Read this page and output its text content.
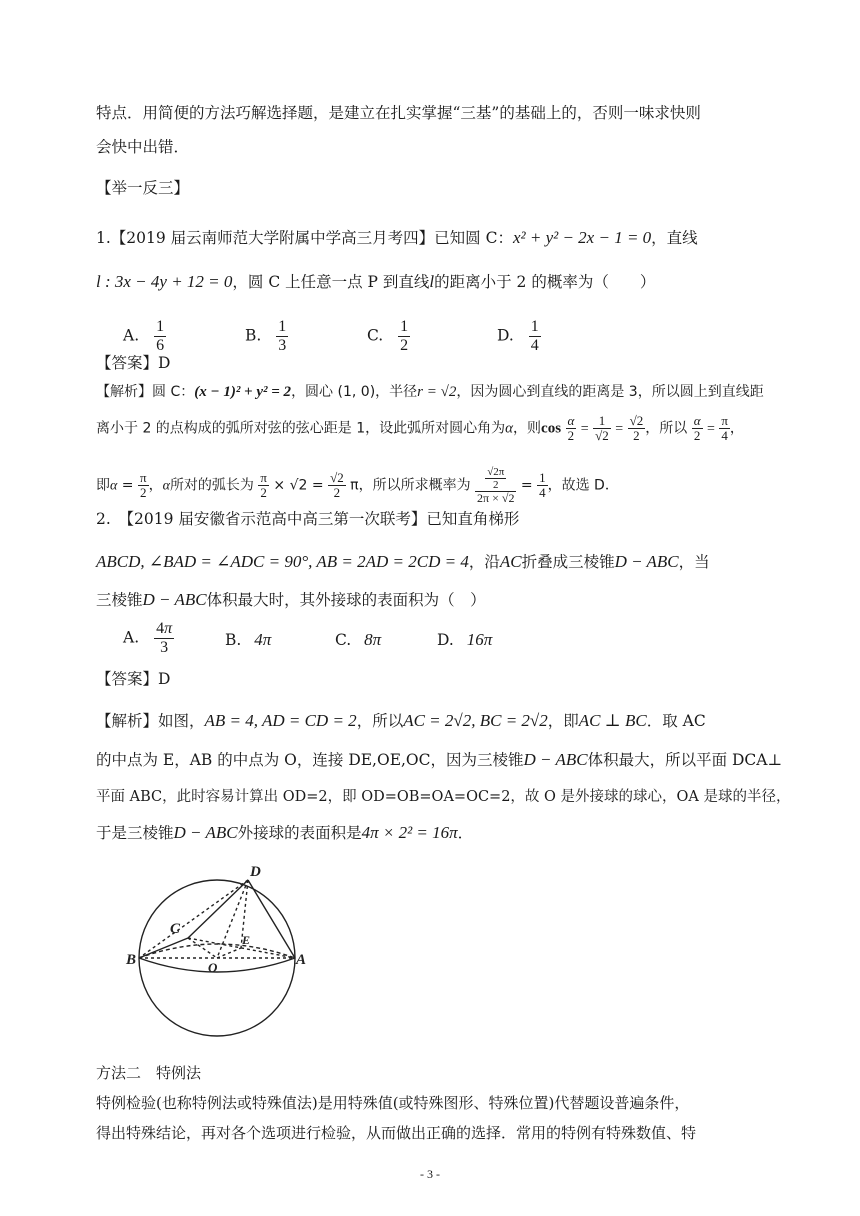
特点．用简便的方法巧解选择题，是建立在扎实掌握“三基”的基础上的，否则一味求快则
会快中出错．
【举一反三】
1.【2019 届云南师范大学附属中学高三月考四】已知圆 C：x² + y² − 2x − 1 = 0，直线
l : 3x − 4y + 12 = 0，圆 C 上任意一点 P 到直线l的距离小于 2 的概率为（　　）
A. $\frac{1}{6}$	B. $\frac{1}{3}$	C. $\frac{1}{2}$	D. $\frac{1}{4}$
【答案】D
【解析】圆 C：(x − 1)² + y² = 2，圆心 (1, 0)，半径r = √2，因为圆心到直线的距离是 3，所以圆上到直线距
离小于 2 的点构成的弧所对弦的弦心距是 1，设此弧所对圆心角为α，则$\cos \frac{\alpha}{2} = \frac{1}{√2} = \frac{√2}{2}$ ，所以 $\frac{\alpha}{2} = \frac{\pi}{4}$ ，
即$\alpha = \frac{\pi}{2}$ ，α所对的弧长为 $\frac{\pi}{2} \times √2 = \frac{√2}{2}$ π，所以所求概率为 $\frac{\frac{√2\pi}{2}}{2\pi \times √2} = \frac{1}{4}$ ，故选 D．
2.　【2019 届安徽省示范高中高三第一次联考】已知直角梯形
ABCD, ∠BAD = ∠ADC = 90°, AB = 2AD = 2CD = 4，沿AC折叠成三棱锥D − ABC，当
三棱锥D − ABC体积最大时，其外接球的表面积为（　）
A. $\frac{4\pi}{3}$	B. 4π	C. 8π	D. 16π
【答案】D
【解析】如图，AB = 4, AD = CD = 2，所以AC = 2√2, BC = 2√2，即AC ⊥ BC．取 AC
的中点为 E，AB 的中点为 O，连接 DE,OE,OC，因为三棱锥D − ABC体积最大，所以平面 DCA⊥
平面 ABC，此时容易计算出 OD=2，即 OD=OB=OA=OC=2，故 O 是外接球的球心，OA 是球的半径，
于是三棱锥D − ABC外接球的表面积是4π × 2² = 16π．
D
C
B	A
E
O
方法二　特例法
特例检验(也称特例法或特殊值法)是用特殊值(或特殊图形、特殊位置)代替题设普遍条件，
得出特殊结论，再对各个选项进行检验，从而做出正确的选择．常用的特例有特殊数值、特
- 3 -
